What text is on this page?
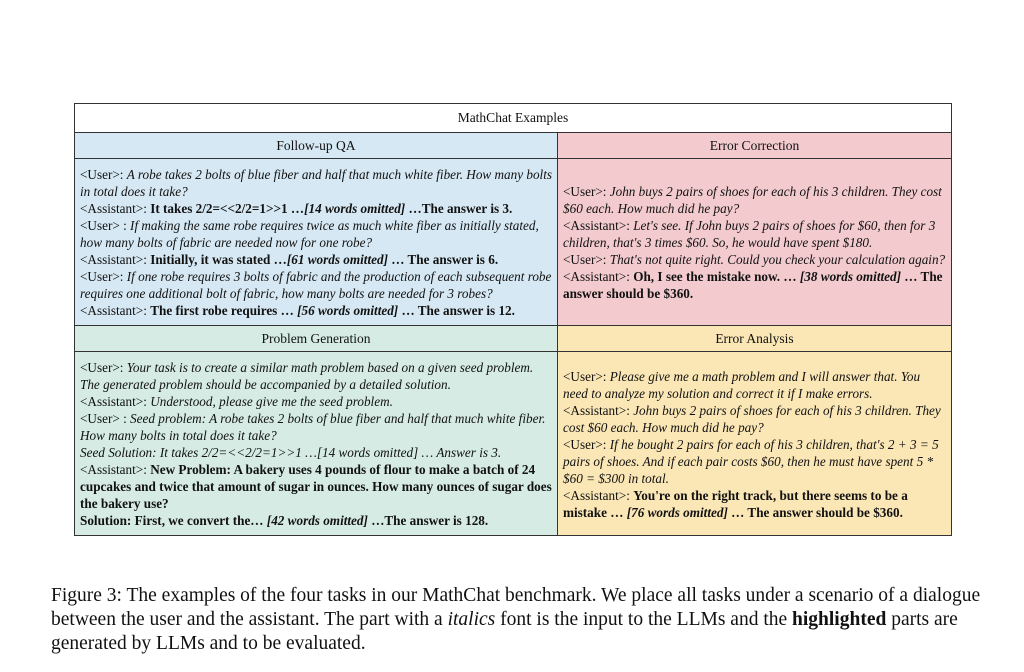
MathChat Examples
Follow-up QA
<User>: A robe takes 2 bolts of blue fiber and half that much white fiber. How many bolts in total does it take?
<Assistant>: It takes 2/2=<<2/2=1>>1 …[14 words omitted] …The answer is 3.
<User> : If making the same robe requires twice as much white fiber as initially stated, how many bolts of fabric are needed now for one robe?
<Assistant>: Initially, it was stated …[61 words omitted] … The answer is 6.
<User>: If one robe requires 3 bolts of fabric and the production of each subsequent robe requires one additional bolt of fabric, how many bolts are needed for 3 robes?
<Assistant>: The first robe requires … [56 words omitted] … The answer is 12.
Error Correction
<User>: John buys 2 pairs of shoes for each of his 3 children. They cost $60 each. How much did he pay?
<Assistant>: Let's see. If John buys 2 pairs of shoes for $60, then for 3 children, that's 3 times $60. So, he would have spent $180.
<User>: That's not quite right. Could you check your calculation again?
<Assistant>: Oh, I see the mistake now. … [38 words omitted] … The answer should be $360.
Problem Generation
<User>: Your task is to create a similar math problem based on a given seed problem. The generated problem should be accompanied by a detailed solution.
<Assistant>: Understood, please give me the seed problem.
<User> : Seed problem: A robe takes 2 bolts of blue fiber and half that much white fiber. How many bolts in total does it take?
Seed Solution: It takes 2/2=<<2/2=1>>1 …[14 words omitted] … Answer is 3.
<Assistant>: New Problem: A bakery uses 4 pounds of flour to make a batch of 24 cupcakes and twice that amount of sugar in ounces. How many ounces of sugar does the bakery use?
Solution: First, we convert the… [42 words omitted] …The answer is 128.
Error Analysis
<User>: Please give me a math problem and I will answer that. You need to analyze my solution and correct it if I make errors.
<Assistant>: John buys 2 pairs of shoes for each of his 3 children. They cost $60 each. How much did he pay?
<User>: If he bought 2 pairs for each of his 3 children, that's 2 + 3 = 5 pairs of shoes. And if each pair costs $60, then he must have spent 5 * $60 = $300 in total.
<Assistant>: You're on the right track, but there seems to be a mistake … [76 words omitted] … The answer should be $360.
Figure 3: The examples of the four tasks in our MathChat benchmark. We place all tasks under a scenario of a dialogue between the user and the assistant. The part with a italics font is the input to the LLMs and the highlighted parts are generated by LLMs and to be evaluated.
